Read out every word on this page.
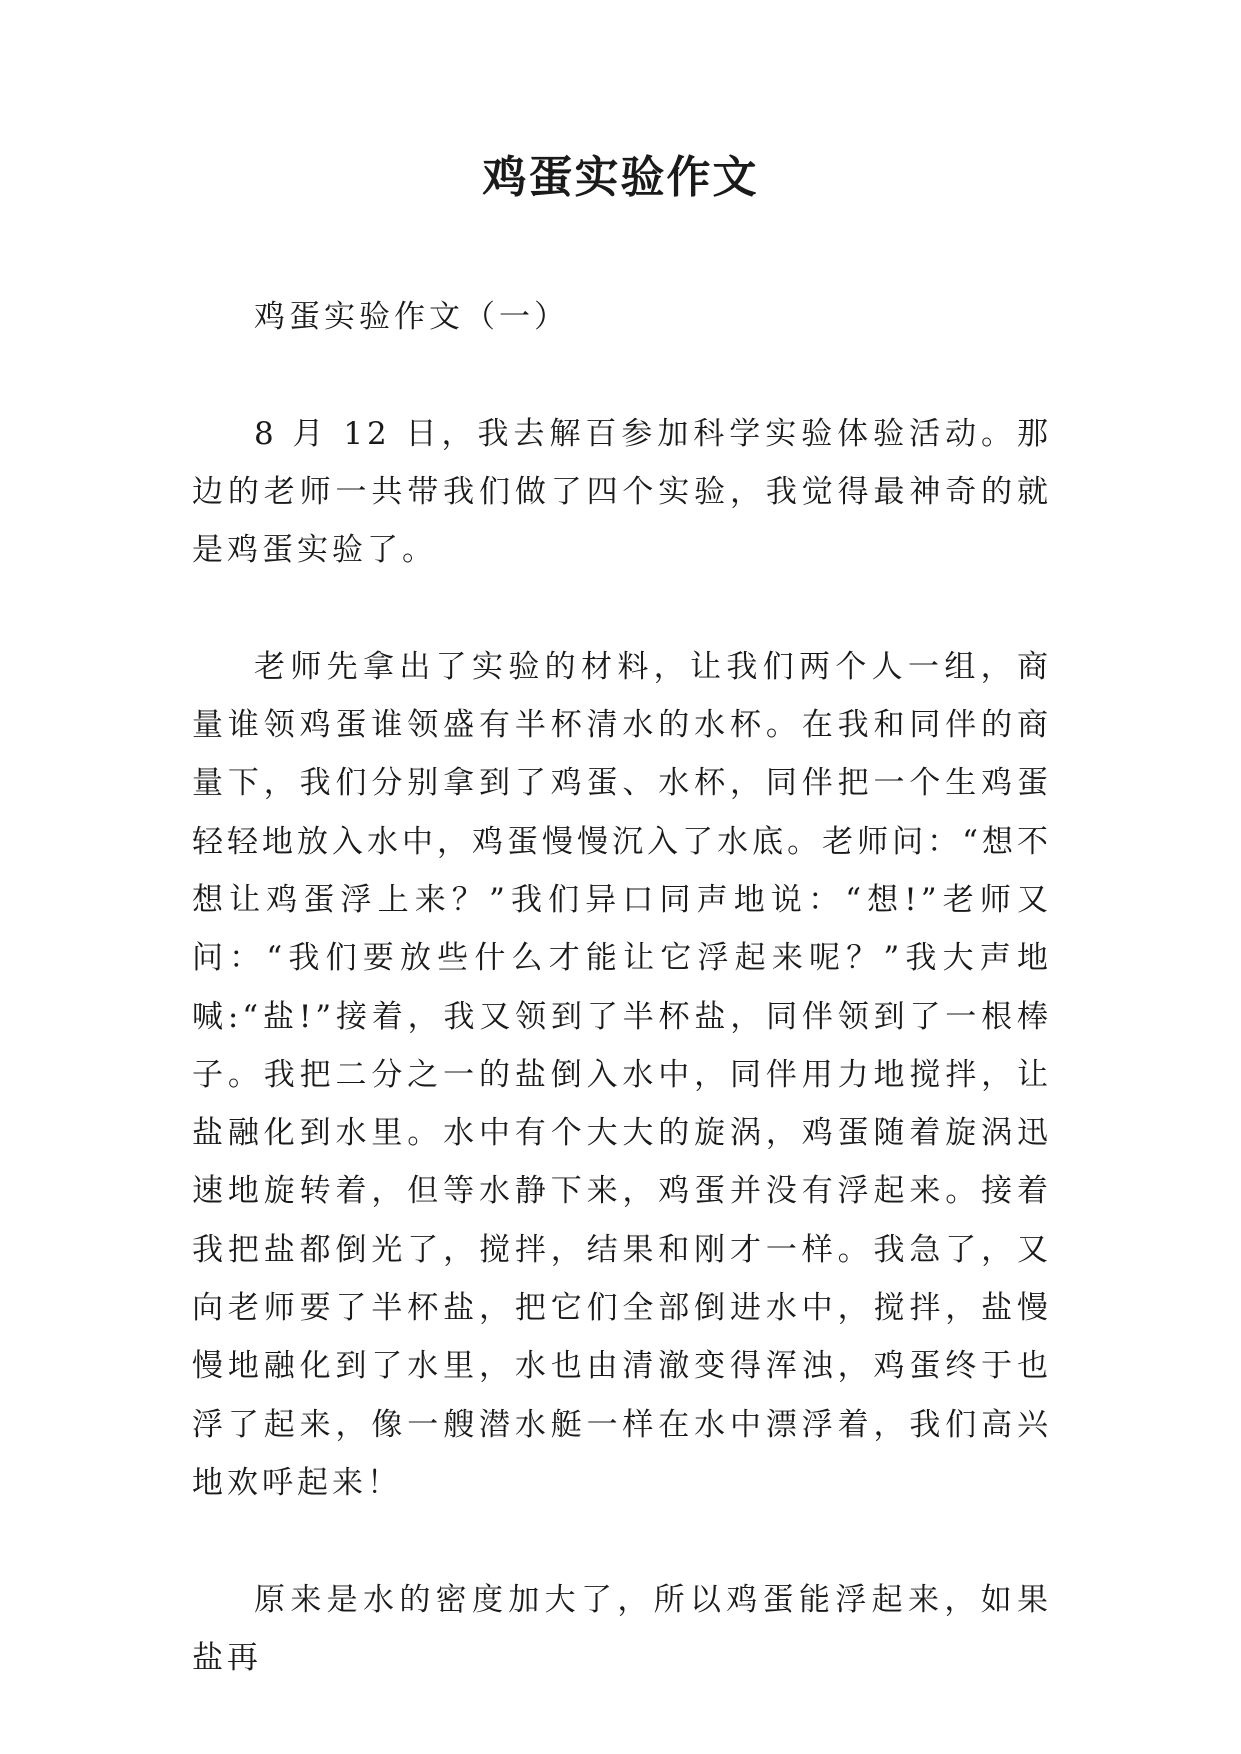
鸡蛋实验作文

鸡蛋实验作文（一）

8 月 12 日，我去解百参加科学实验体验活动。那边的老师一共带我们做了四个实验，我觉得最神奇的就是鸡蛋实验了。

老师先拿出了实验的材料，让我们两个人一组，商量谁领鸡蛋谁领盛有半杯清水的水杯。在我和同伴的商量下，我们分别拿到了鸡蛋、水杯，同伴把一个生鸡蛋轻轻地放入水中，鸡蛋慢慢沉入了水底。老师问：“想不想让鸡蛋浮上来？”我们异口同声地说：“想!”老师又问：“我们要放些什么才能让它浮起来呢？”我大声地喊:“盐!”接着，我又领到了半杯盐，同伴领到了一根棒子。我把二分之一的盐倒入水中，同伴用力地搅拌，让盐融化到水里。水中有个大大的旋涡，鸡蛋随着旋涡迅速地旋转着，但等水静下来，鸡蛋并没有浮起来。接着我把盐都倒光了，搅拌，结果和刚才一样。我急了，又向老师要了半杯盐，把它们全部倒进水中，搅拌，盐慢慢地融化到了水里，水也由清澈变得浑浊，鸡蛋终于也浮了起来，像一艘潜水艇一样在水中漂浮着，我们高兴地欢呼起来！

原来是水的密度加大了，所以鸡蛋能浮起来，如果盐再
